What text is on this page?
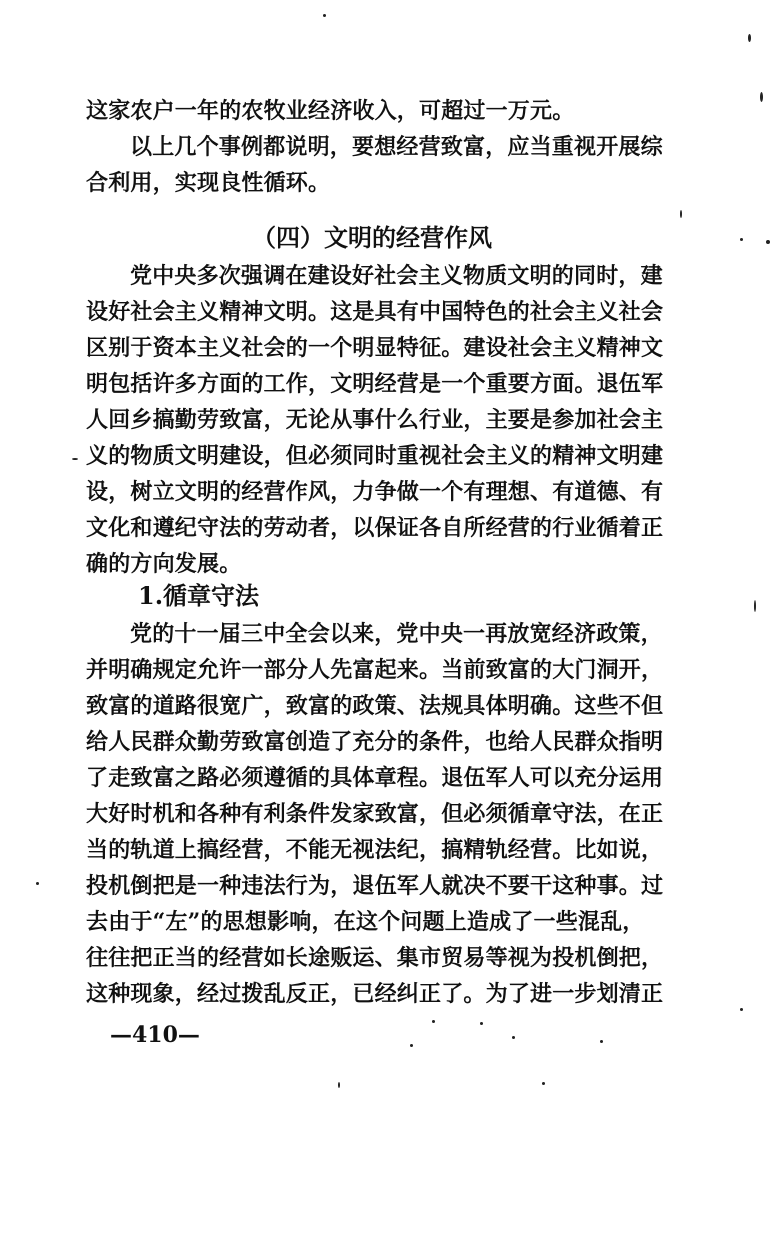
这家农户一年的农牧业经济收入，可超过一万元。
以上几个事例都说明，要想经营致富，应当重视开展综
合利用，实现良性循环。
（四）文明的经营作风
党中央多次强调在建设好社会主义物质文明的同时，建
设好社会主义精神文明。这是具有中国特色的社会主义社会
区别于资本主义社会的一个明显特征。建设社会主义精神文
明包括许多方面的工作，文明经营是一个重要方面。退伍军
人回乡搞勤劳致富，无论从事什么行业，主要是参加社会主
义的物质文明建设，但必须同时重视社会主义的精神文明建
设，树立文明的经营作风，力争做一个有理想、有道德、有
文化和遵纪守法的劳动者，以保证各自所经营的行业循着正
确的方向发展。
1.循章守法
党的十一届三中全会以来，党中央一再放宽经济政策，
并明确规定允许一部分人先富起来。当前致富的大门洞开，
致富的道路很宽广，致富的政策、法规具体明确。这些不但
给人民群众勤劳致富创造了充分的条件，也给人民群众指明
了走致富之路必须遵循的具体章程。退伍军人可以充分运用
大好时机和各种有利条件发家致富，但必须循章守法，在正
当的轨道上搞经营，不能无视法纪，搞精轨经营。比如说，
投机倒把是一种违法行为，退伍军人就决不要干这种事。过
去由于“左”的思想影响，在这个问题上造成了一些混乱，
往往把正当的经营如长途贩运、集市贸易等视为投机倒把，
这种现象，经过拨乱反正，已经纠正了。为了进一步划清正
—410—
